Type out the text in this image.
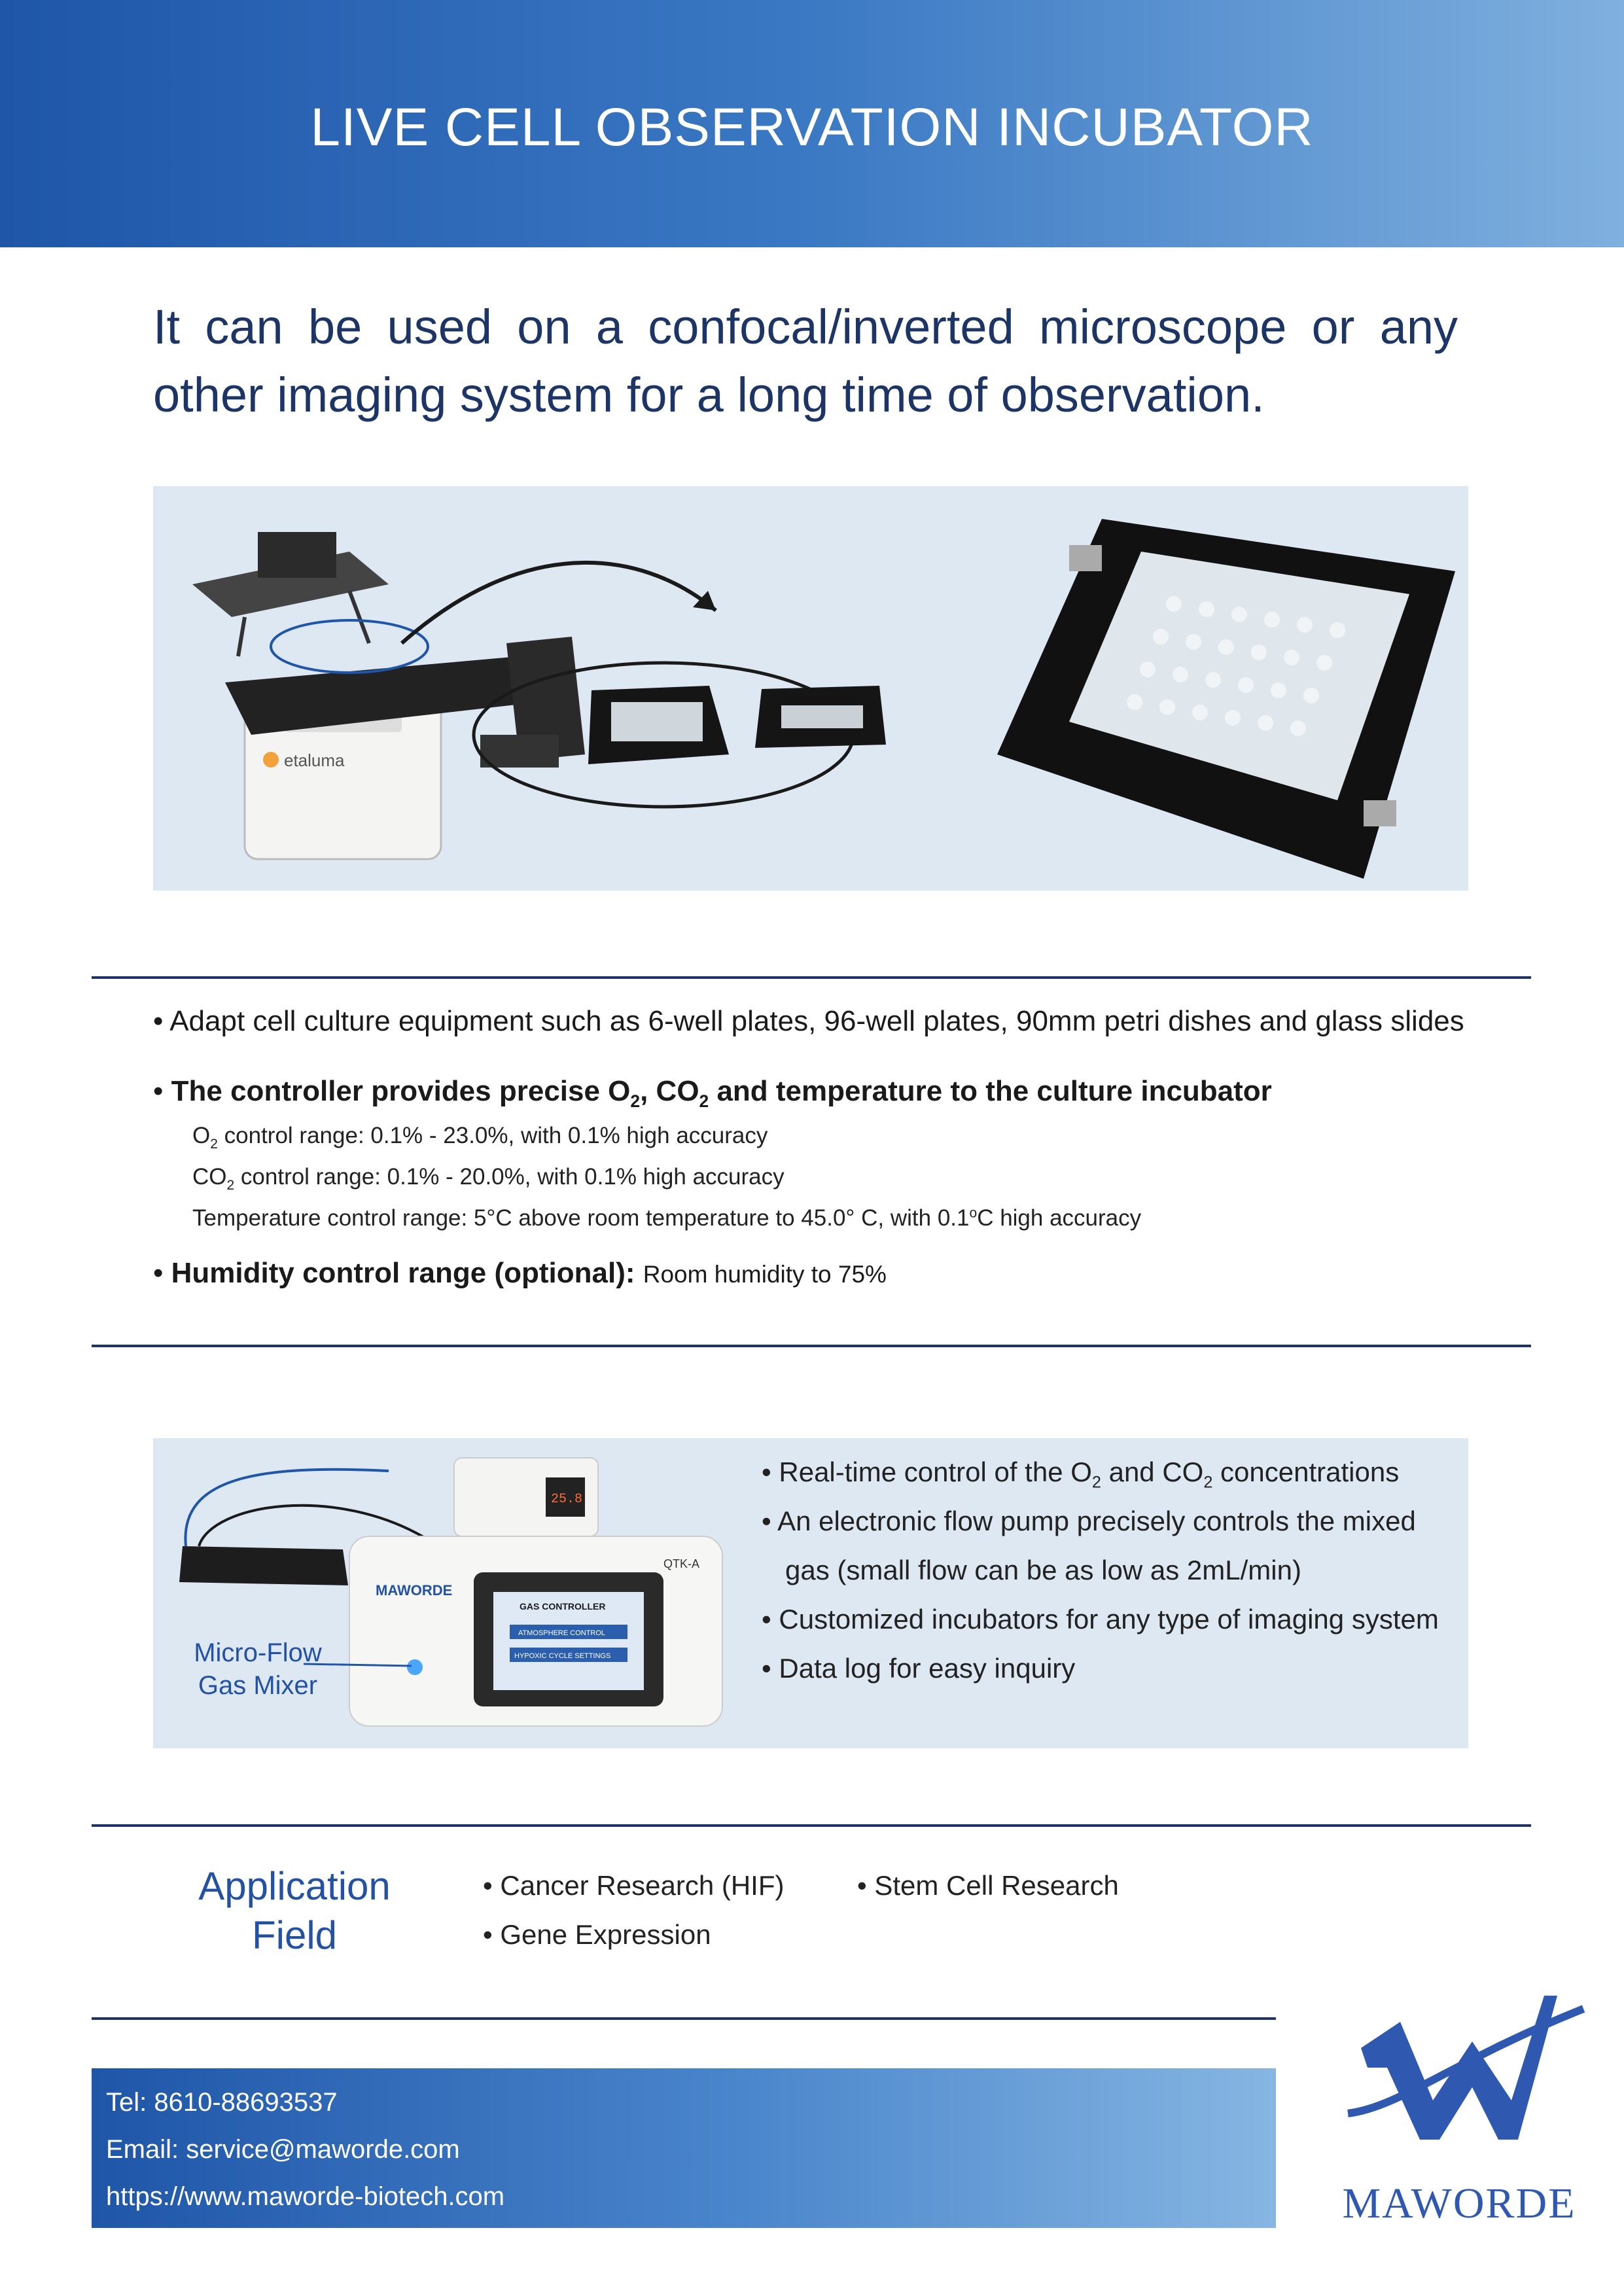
LIVE CELL OBSERVATION INCUBATOR
It can be used on a confocal/inverted microscope or any other imaging system for a long time of observation.
etaluma
• Adapt cell culture equipment such as 6-well plates, 96-well plates, 90mm petri dishes and glass slides
• The controller provides precise $O_2$, $CO_2$ and temperature to the culture incubator
$O_2$ control range: 0.1% - 23.0%, with 0.1% high accuracy
$CO_2$ control range: 0.1% - 20.0%, with 0.1% high accuracy
Temperature control range: 5°C above room temperature to 45.0° C, with 0.1$^o$C high accuracy
• Humidity control range (optional): Room humidity to 75%
25.8
MAWORDE
QTK-A
GAS CONTROLLER
ATMOSPHERE CONTROL
HYPOXIC CYCLE SETTINGS
Micro-Flow
Gas Mixer
• Real-time control of the $O_2$ and $CO_2$ concentrations
• An electronic flow pump precisely controls the mixed
gas (small flow can be as low as 2mL/min)
• Customized incubators for any type of imaging system
• Data log for easy inquiry
Application
Field
• Cancer Research (HIF)	• Stem Cell Research
• Gene Expression
Tel: 8610-88693537
Email: service@maworde.com
https://www.maworde-biotech.com	MAWORDE
